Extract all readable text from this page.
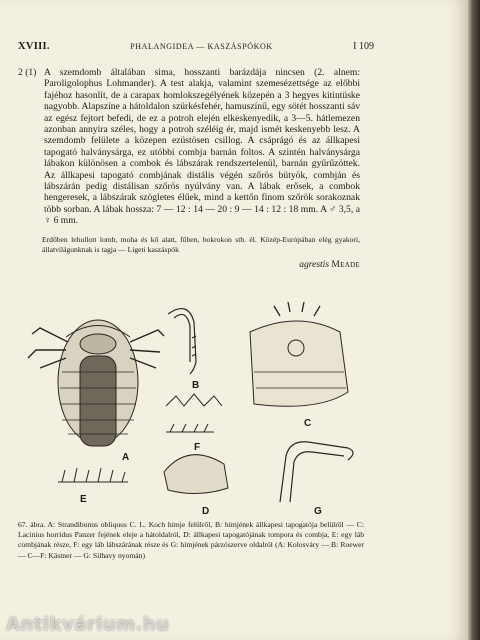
XVIII.	PHALANGIDEA — KASZÁSPÓKOK	I 109
2 (1) A szemdomb általában sima, hosszanti barázdája nincsen (2. alnem: Paroligolophus Lohmander). A test alakja, valamint szemesézettsége az előbbi fajéhoz hasonlít, de a carapax homlokszegélyének közepén a 3 hegyes kitintüske nagyobb. Alapszíne a hátoldalon szürkésfehér, hamuszínű, egy sötét hosszanti sáv az egész fejtort befedi, de ez a potroh elején elkeskenyedik, a 3—5. hátlemezen azonban annyira széles, hogy a potroh széléig ér, majd ismét keskenyebb lesz. A szemdomb felülete a közepen ezüstösen csillog. A csáprágó és az állkapesi tapogató halványsárga, ez utóbbi combja barnán foltos. A szintén halványsárga lábakon különösen a combok és lábszárak rendszertelenül, barnán gyűrűzöttek. Az állkapesi tapogató combjának distális végén szőrös bütyök, combján és lábszárán pedig distálisan szőrös nyúlvány van. A lábak erősek, a combok hengeresek, a lábszárak szögletes élűek, mind a kettőn finom szőrök sorakoznak több sorban. A lábak hossza: 7 — 12 : 14 — 20 : 9 — 14 : 12 : 18 mm. A ♂ 3,5, a ♀ 6 mm.
Erdőben lehullott lomb, moha és kő alatt, fűben, bokrokon stb. él. Közép-Európában elég gyakori, állatvilágunknak is tagja — Ligeti kaszáspók
agrestis Meade
A
B
C
D
E
F
G
67. ábra. A: Strandibunus obliquus C. L. Koch hímje felülről, B: hímjének állkapesi tapogatója belülről — C: Lacinius horridus Panzer fejének eleje a hátoldalról, D: állkapesi tapogatójának tompora és combja, E: egy láb combjának része, F: egy láb lábszárának része és G: hímjének párzószerve oldalról (A: Kolosváry — B: Roewer — C—F: Kästner — G: Silhavy nyomán)
Antikvárium.hu
